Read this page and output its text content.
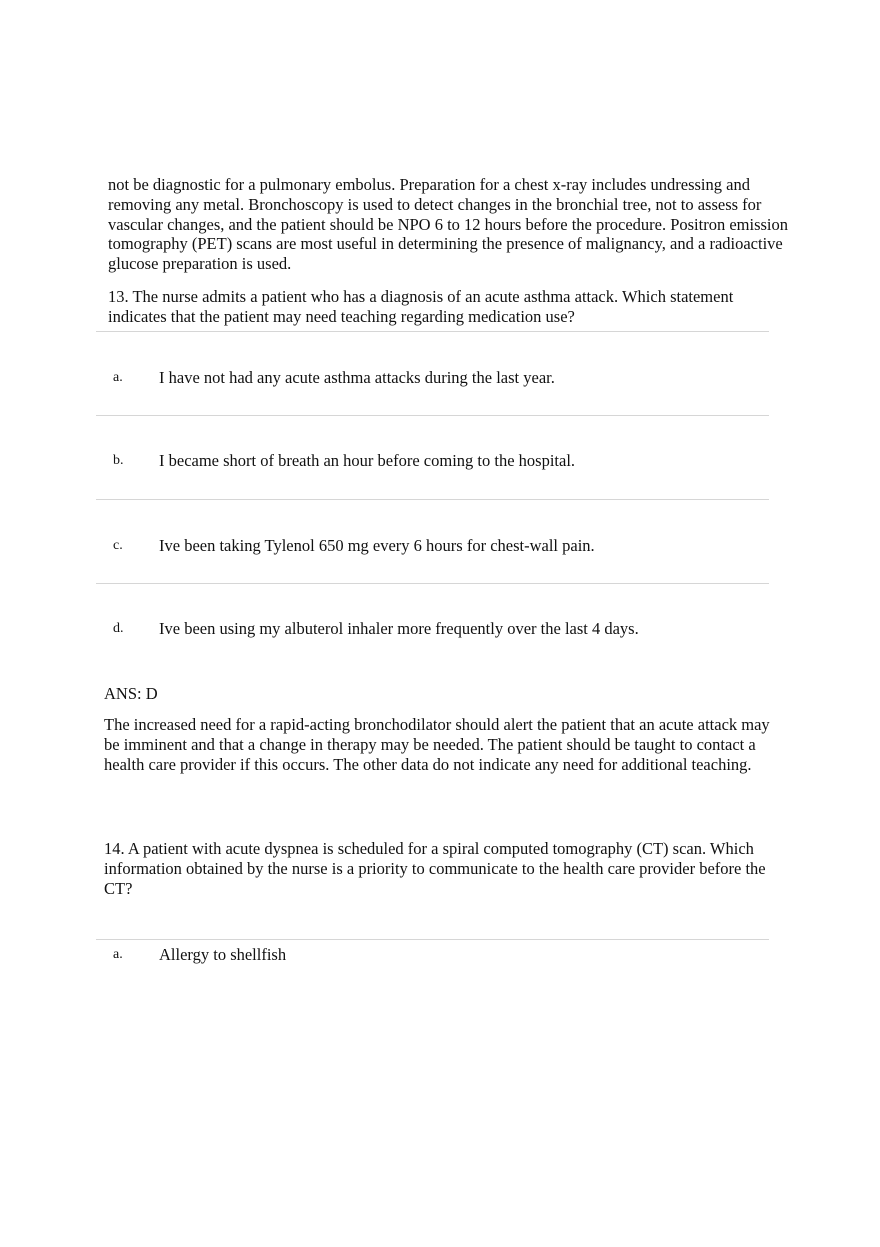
not be diagnostic for a pulmonary embolus. Preparation for a chest x-ray includes undressing and removing any metal. Bronchoscopy is used to detect changes in the bronchial tree, not to assess for vascular changes, and the patient should be NPO 6 to 12 hours before the procedure. Positron emission tomography (PET) scans are most useful in determining the presence of malignancy, and a radioactive glucose preparation is used.
13. The nurse admits a patient who has a diagnosis of an acute asthma attack. Which statement indicates that the patient may need teaching regarding medication use?
a. I have not had any acute asthma attacks during the last year.
b. I became short of breath an hour before coming to the hospital.
c. Ive been taking Tylenol 650 mg every 6 hours for chest-wall pain.
d. Ive been using my albuterol inhaler more frequently over the last 4 days.
ANS: D
The increased need for a rapid-acting bronchodilator should alert the patient that an acute attack may be imminent and that a change in therapy may be needed. The patient should be taught to contact a health care provider if this occurs. The other data do not indicate any need for additional teaching.
14. A patient with acute dyspnea is scheduled for a spiral computed tomography (CT) scan. Which information obtained by the nurse is a priority to communicate to the health care provider before the CT?
a. Allergy to shellfish
